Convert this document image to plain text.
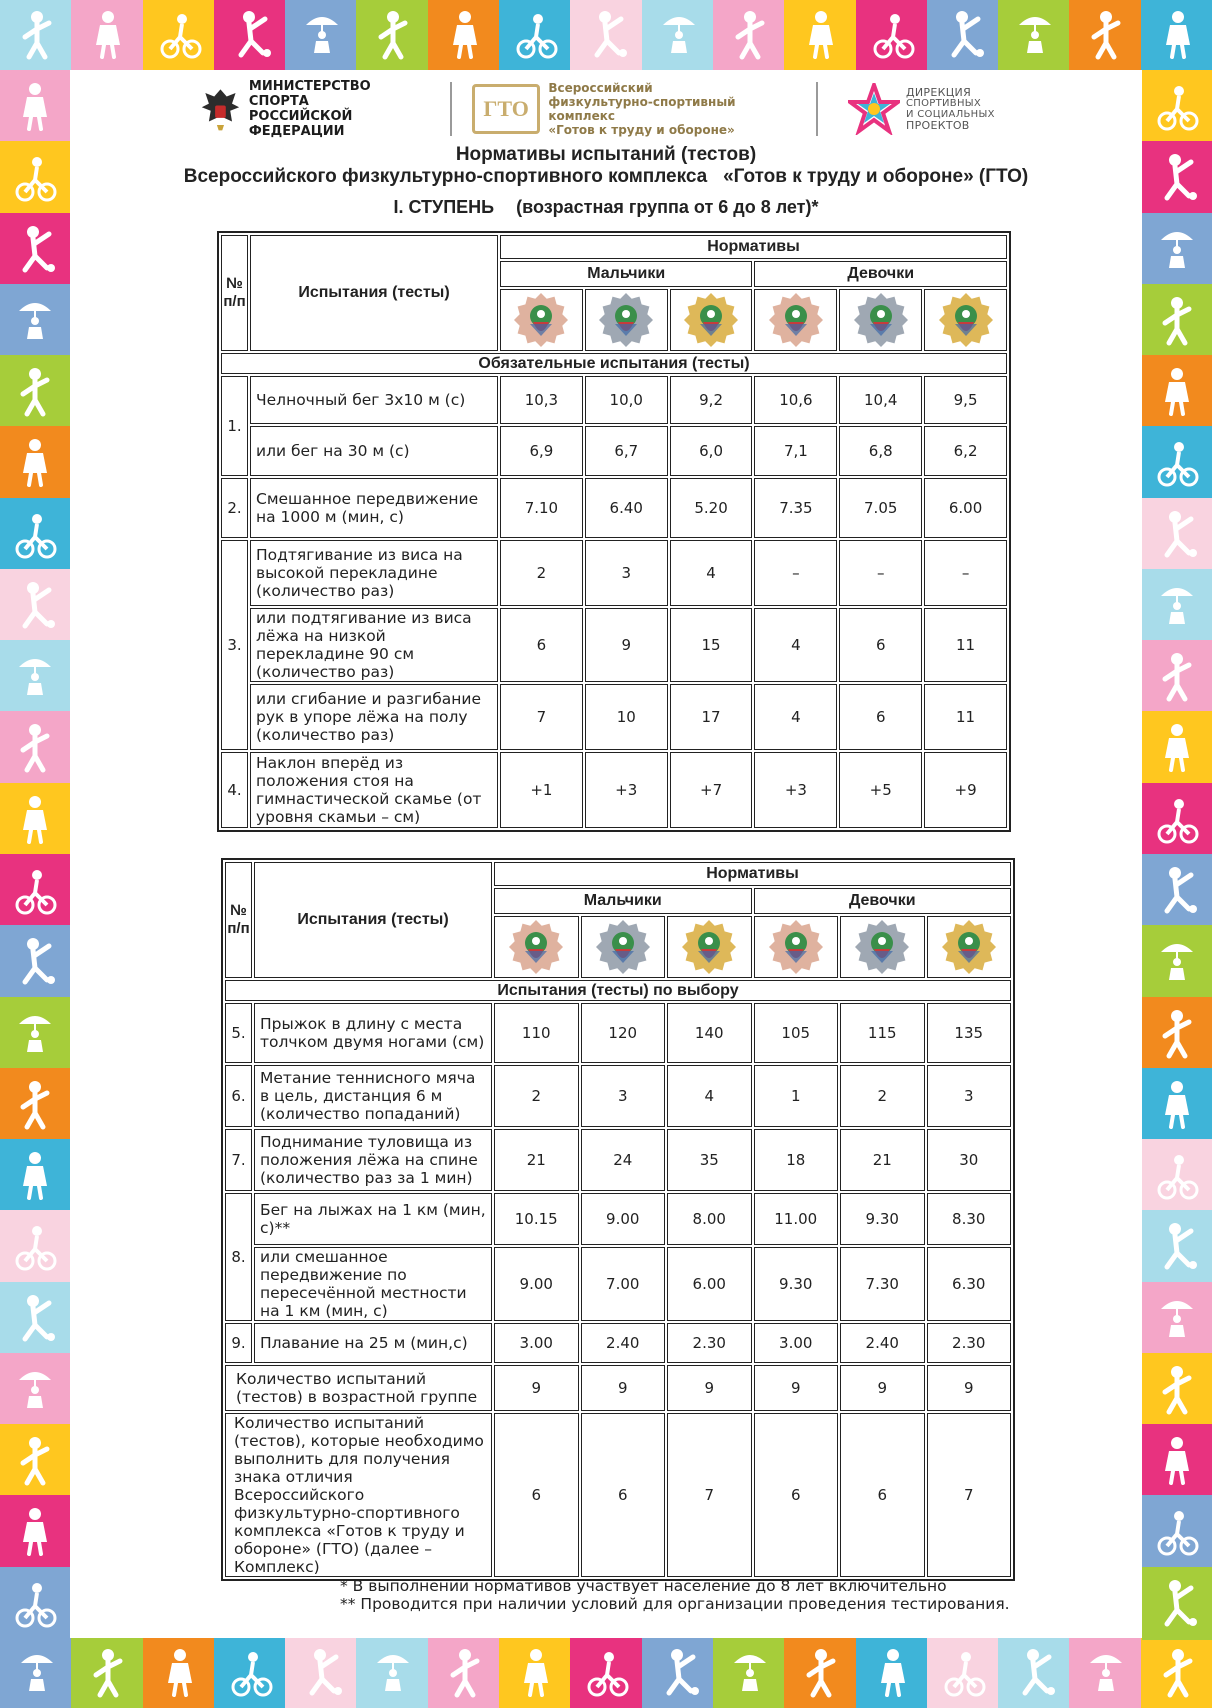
МИНИСТЕРСТВО СПОРТА
РОССИЙСКОЙ ФЕДЕРАЦИИ
ГТО
Всероссийский
физкультурно-спортивный комплекс
«Готов к труду и обороне»
ДИРЕКЦИЯ
СПОРТИВНЫХ
И СОЦИАЛЬНЫХ
ПРОЕКТОВ
Нормативы испытаний (тестов)
Всероссийского физкультурно-спортивного комплекса   «Готов к труду и обороне» (ГТО)
I. СТУПЕНЬ (возрастная группа от 6 до 8 лет)*
№ п/п	Испытания (тесты)	Нормативы					
		Мальчики			Девочки		

Обязательные испытания (тесты)							
1.	Челночный бег 3х10 м (с)	10,3	10,0	9,2	10,6	10,4	9,5
	или бег на 30 м (с)	6,9	6,7	6,0	7,1	6,8	6,2
2.	Смешанное передвижение на 1000 м (мин, с)	7.10	6.40	5.20	7.35	7.05	6.00
3.	Подтягивание из виса на высокой перекладине (количество раз)	2	3	4	–	–	–
	или подтягивание из виса лёжа на низкой перекладине 90 см (количество раз)	6	9	15	4	6	11
	или сгибание и разгибание рук в упоре лёжа на полу (количество раз)	7	10	17	4	6	11
4.	Наклон вперёд из положения стоя на гимнастической скамье (от уровня скамьи – см)	+1	+3	+7	+3	+5	+9
№ п/п	Испытания (тесты)	Нормативы					
		Мальчики			Девочки		

Испытания (тесты) по выбору							
5.	Прыжок в длину с места толчком двумя ногами (см)	110	120	140	105	115	135
6.	Метание теннисного мяча в цель, дистанция 6 м (количество попаданий)	2	3	4	1	2	3
7.	Поднимание туловища из положения лёжа на спине (количество раз за 1 мин)	21	24	35	18	21	30
8.	Бег на лыжах на 1 км (мин, с)**	10.15	9.00	8.00	11.00	9.30	8.30
	или смешанное передвижение по пересечённой местности на 1 км (мин, с)	9.00	7.00	6.00	9.30	7.30	6.30
9.	Плавание на 25 м (мин,с)	3.00	2.40	2.30	3.00	2.40	2.30
Количество испытаний (тестов) в возрастной группе		9	9	9	9	9	9
Количество испытаний (тестов), которые необходимо выполнить для получения знака отличия Всероссийского физкультурно-спортивного комплекса «Готов к труду и обороне» (ГТО) (далее – Комплекс)		6	6	7	6	6	7
* В выполнении нормативов участвует население до 8 лет включительно
** Проводится при наличии условий для организации проведения тестирования.
